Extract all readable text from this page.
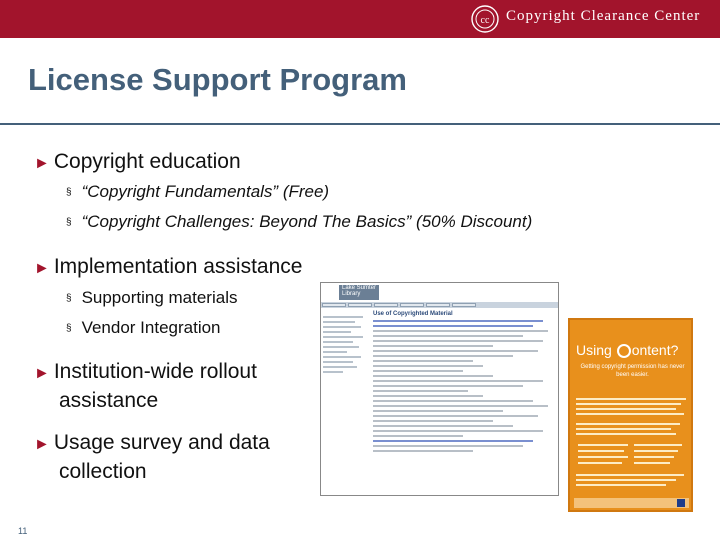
cc Copyright Clearance Center
License Support Program
► Copyright education
§ “Copyright Fundamentals” (Free)
§ “Copyright Challenges: Beyond The Basics” (50% Discount)
► Implementation assistance
§ Supporting materials
§ Vendor Integration
► Institution-wide rollout
assistance
► Usage survey and data
collection
Lake Sumter Library
Use of Copyrighted Material
Using ontent?
Getting copyright permission has never been easier.
11
